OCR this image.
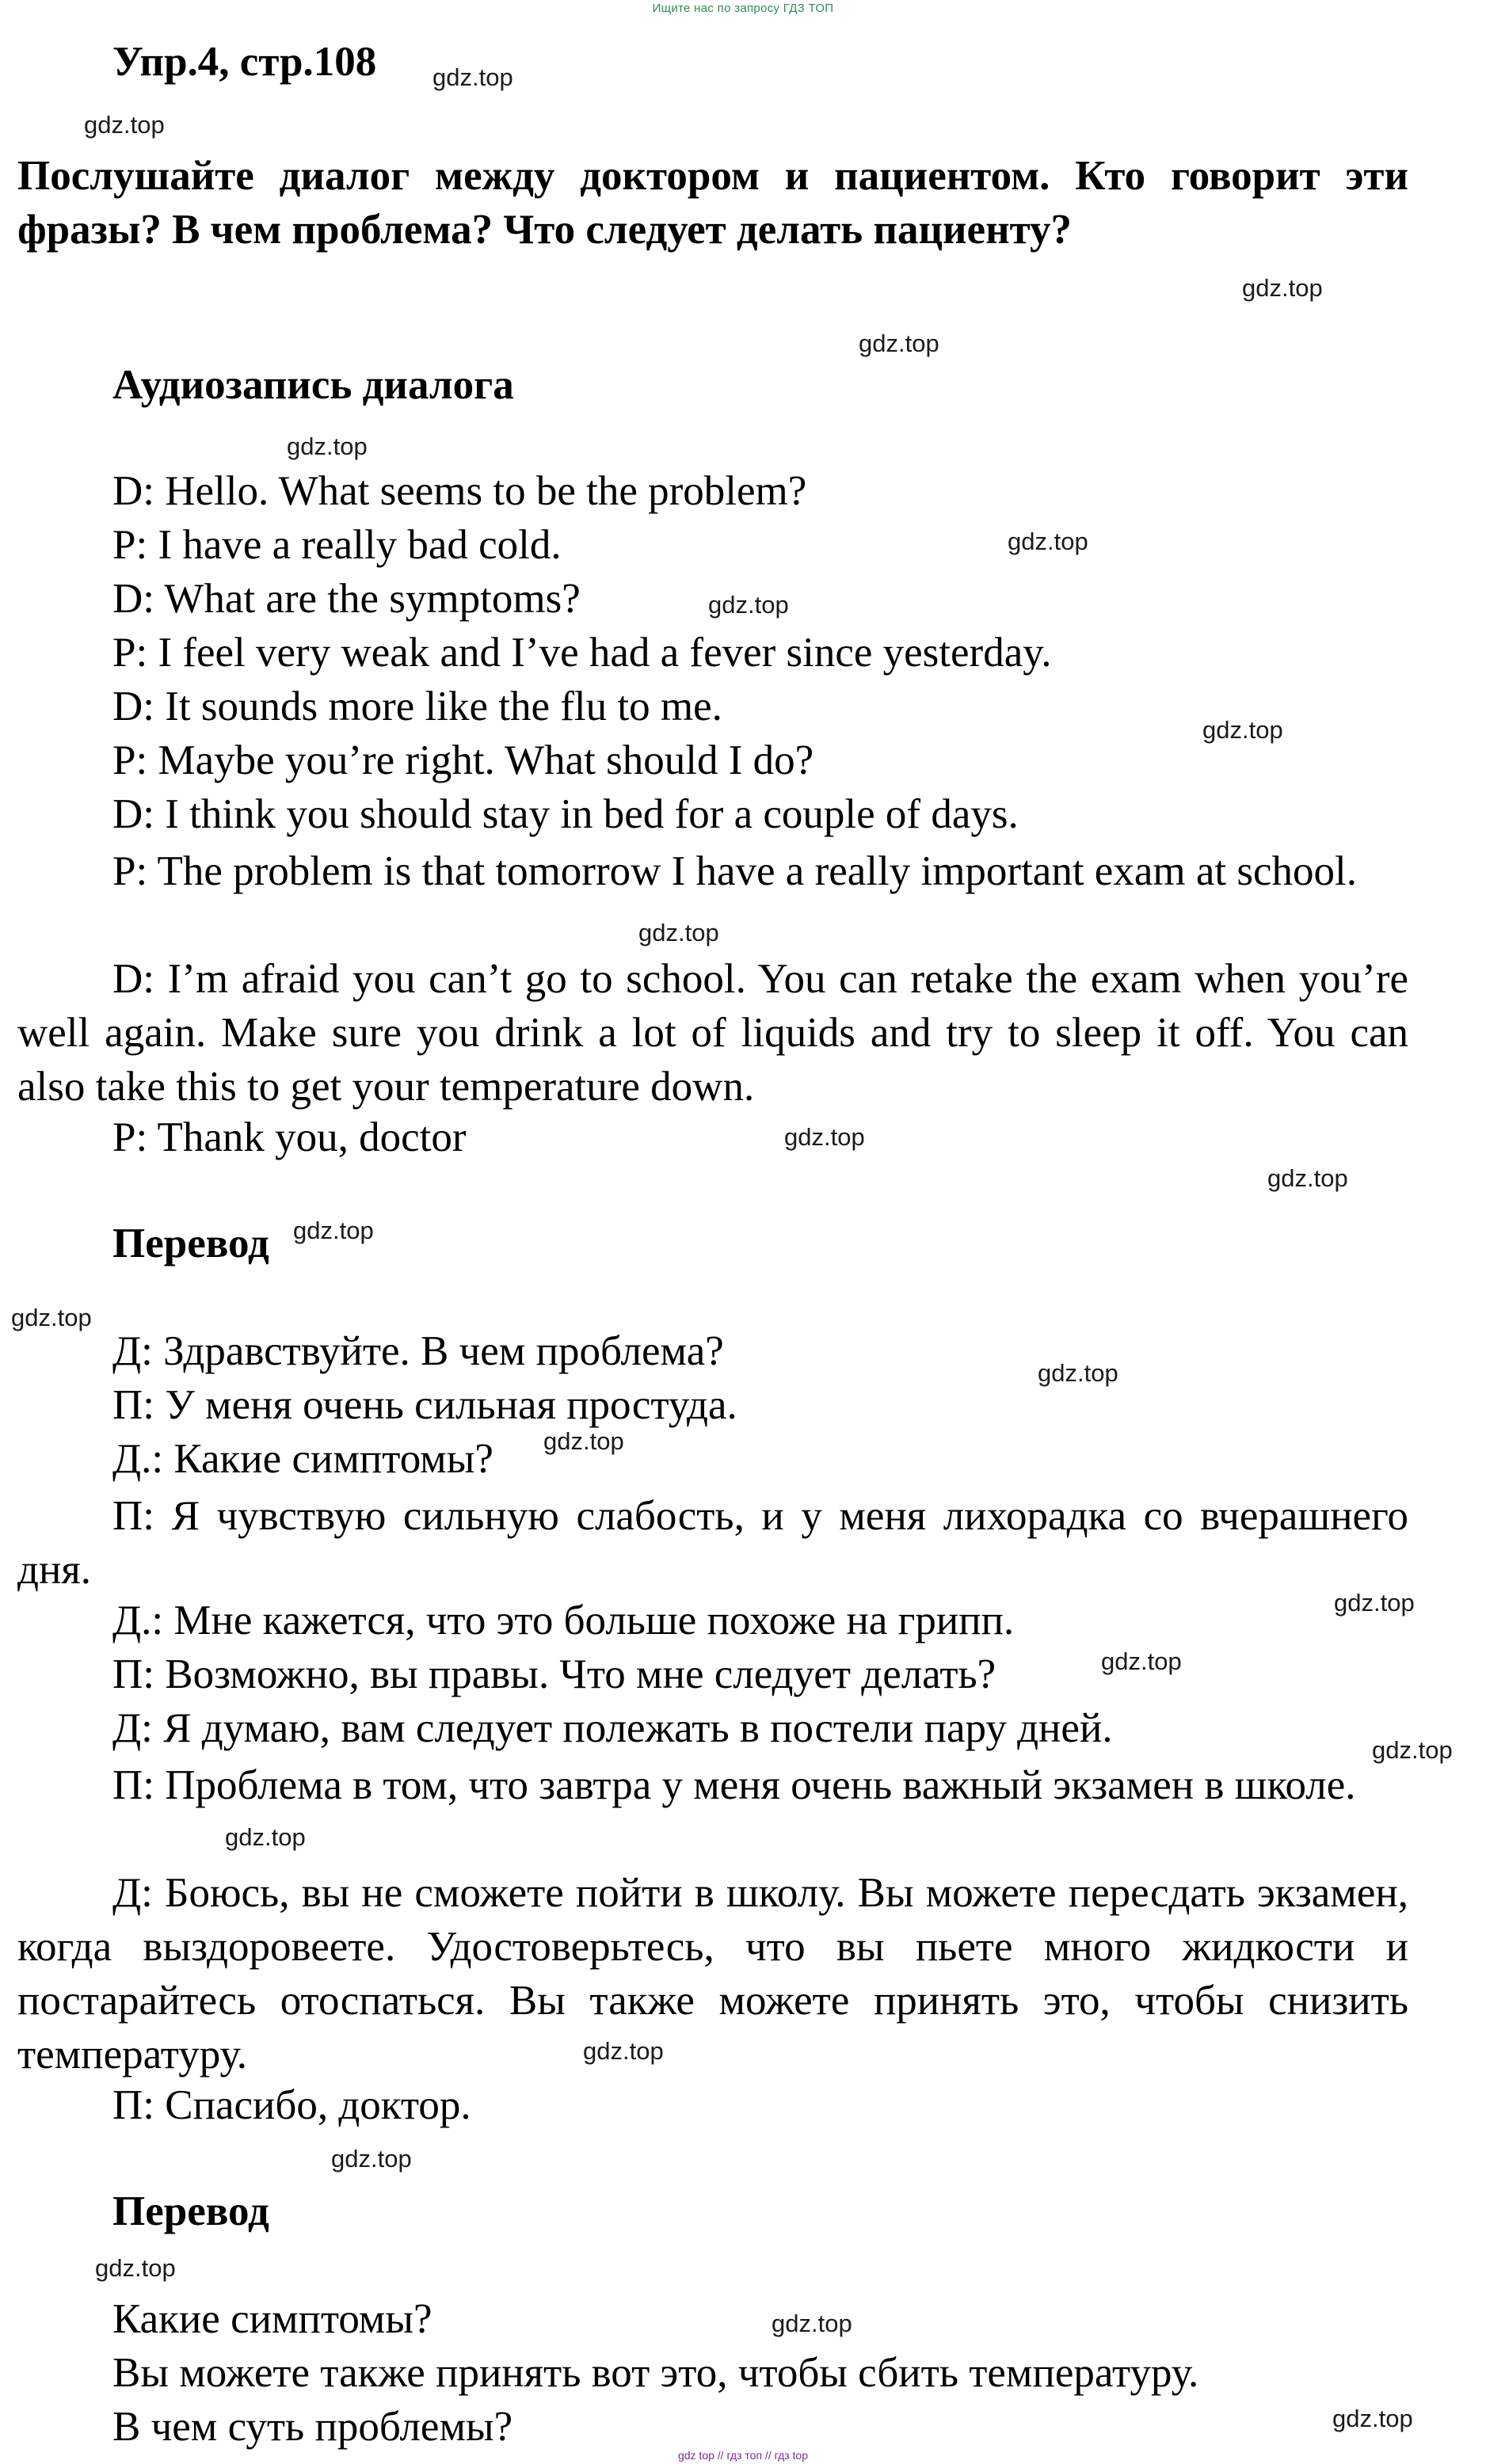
Ищите нас по запросу ГДЗ ТОП
Упр.4, стр.108
Послушайте диалог между доктором и пациентом. Кто говорит эти фразы? В чем проблема? Что следует делать пациенту?
Аудиозапись диалога
D: Hello. What seems to be the problem?
P: I have a really bad cold.
D: What are the symptoms?
P: I feel very weak and I’ve had a fever since yesterday.
D: It sounds more like the flu to me.
P: Maybe you’re right. What should I do?
D: I think you should stay in bed for a couple of days.
P: The problem is that tomorrow I have a really important exam at school.
D: I’m afraid you can’t go to school. You can retake the exam when you’re well again. Make sure you drink a lot of liquids and try to sleep it off. You can also take this to get your temperature down.
P: Thank you, doctor
Перевод
Д: Здравствуйте. В чем проблема?
П: У меня очень сильная простуда.
Д.: Какие симптомы?
П: Я чувствую сильную слабость, и у меня лихорадка со вчерашнего дня.
Д.: Мне кажется, что это больше похоже на грипп.
П: Возможно, вы правы. Что мне следует делать?
Д: Я думаю, вам следует полежать в постели пару дней.
П: Проблема в том, что завтра у меня очень важный экзамен в школе.
Д: Боюсь, вы не сможете пойти в школу. Вы можете пересдать экзамен, когда выздоровеете. Удостоверьтесь, что вы пьете много жидкости и постарайтесь отоспаться. Вы также можете принять это, чтобы снизить температуру.
П: Спасибо, доктор.
Перевод
Какие симптомы?
Вы можете также принять вот это, чтобы сбить температуру.
В чем суть проблемы?
gdz.top
gdz.top
gdz.top
gdz.top
gdz.top
gdz.top
gdz.top
gdz.top
gdz.top
gdz.top
gdz.top
gdz.top
gdz.top
gdz.top
gdz.top
gdz.top
gdz.top
gdz.top
gdz.top
gdz.top
gdz.top
gdz.top
gdz.top
gdz.top
gdz top // гдз топ // гдз top
